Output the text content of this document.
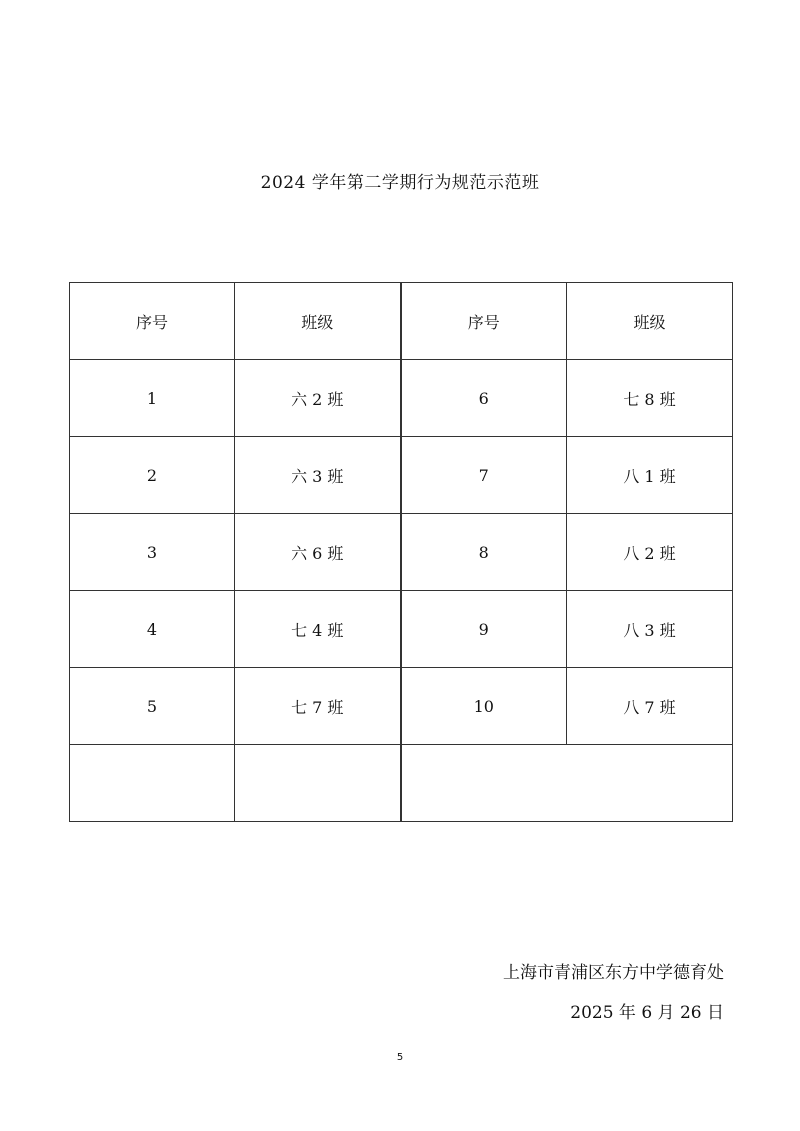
2024 学年第二学期行为规范示范班
序号	班级	序号	班级
1	六 2 班	6	七 8 班
2	六 3 班	7	八 1 班
3	六 6 班	8	八 2 班
4	七 4 班	9	八 3 班
5	七 7 班	10	八 7 班

上海市青浦区东方中学德育处
2025 年 6 月 26 日
5
